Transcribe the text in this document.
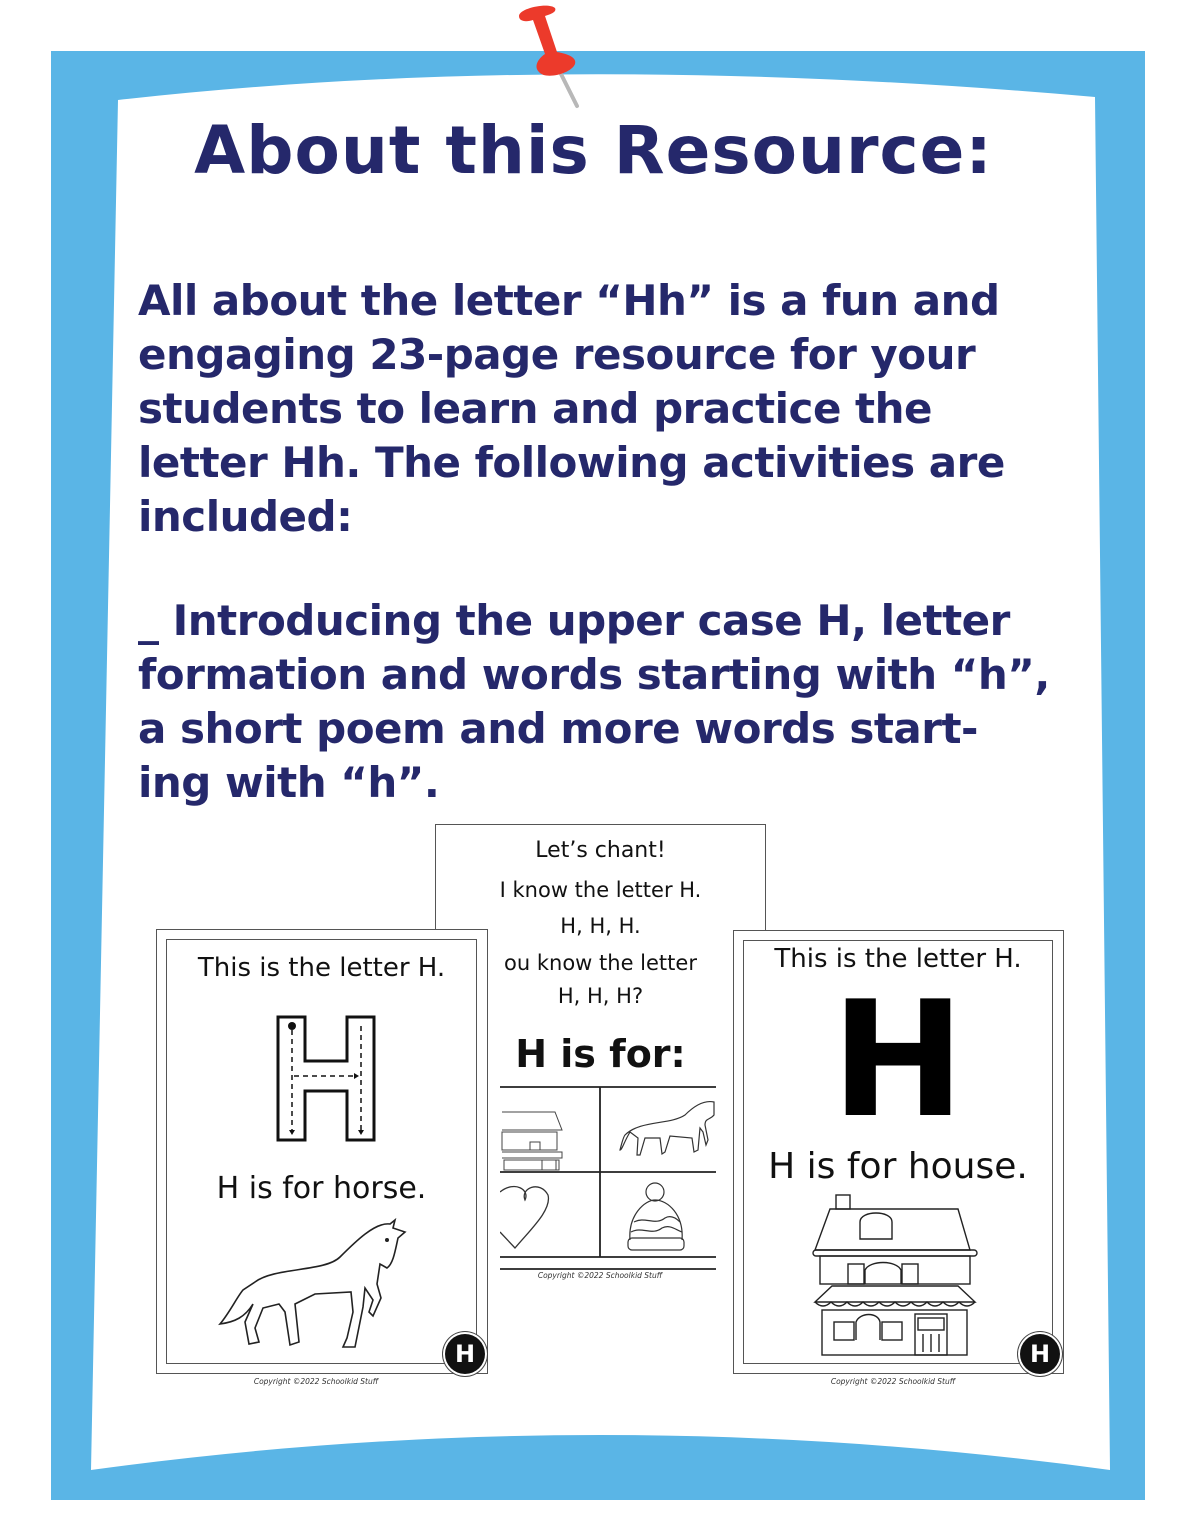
About this Resource:
All about the letter “Hh” is a fun and
engaging 23-page resource for your
students to learn and practice the
letter Hh. The following activities are
included:
_ Introducing the upper case H, letter
formation and words starting with “h”,
a short poem and more words start-
ing with “h”.
Let’s chant!
I know the letter H.
H, H, H.
ou know the letter
H, H, H?
H is for:
Copyright ©2022 Schoolkid Stuff
This is the letter H.
H is for horse.
H
Copyright ©2022 Schoolkid Stuff
This is the letter H.
H
H is for house.
H
Copyright ©2022 Schoolkid Stuff
